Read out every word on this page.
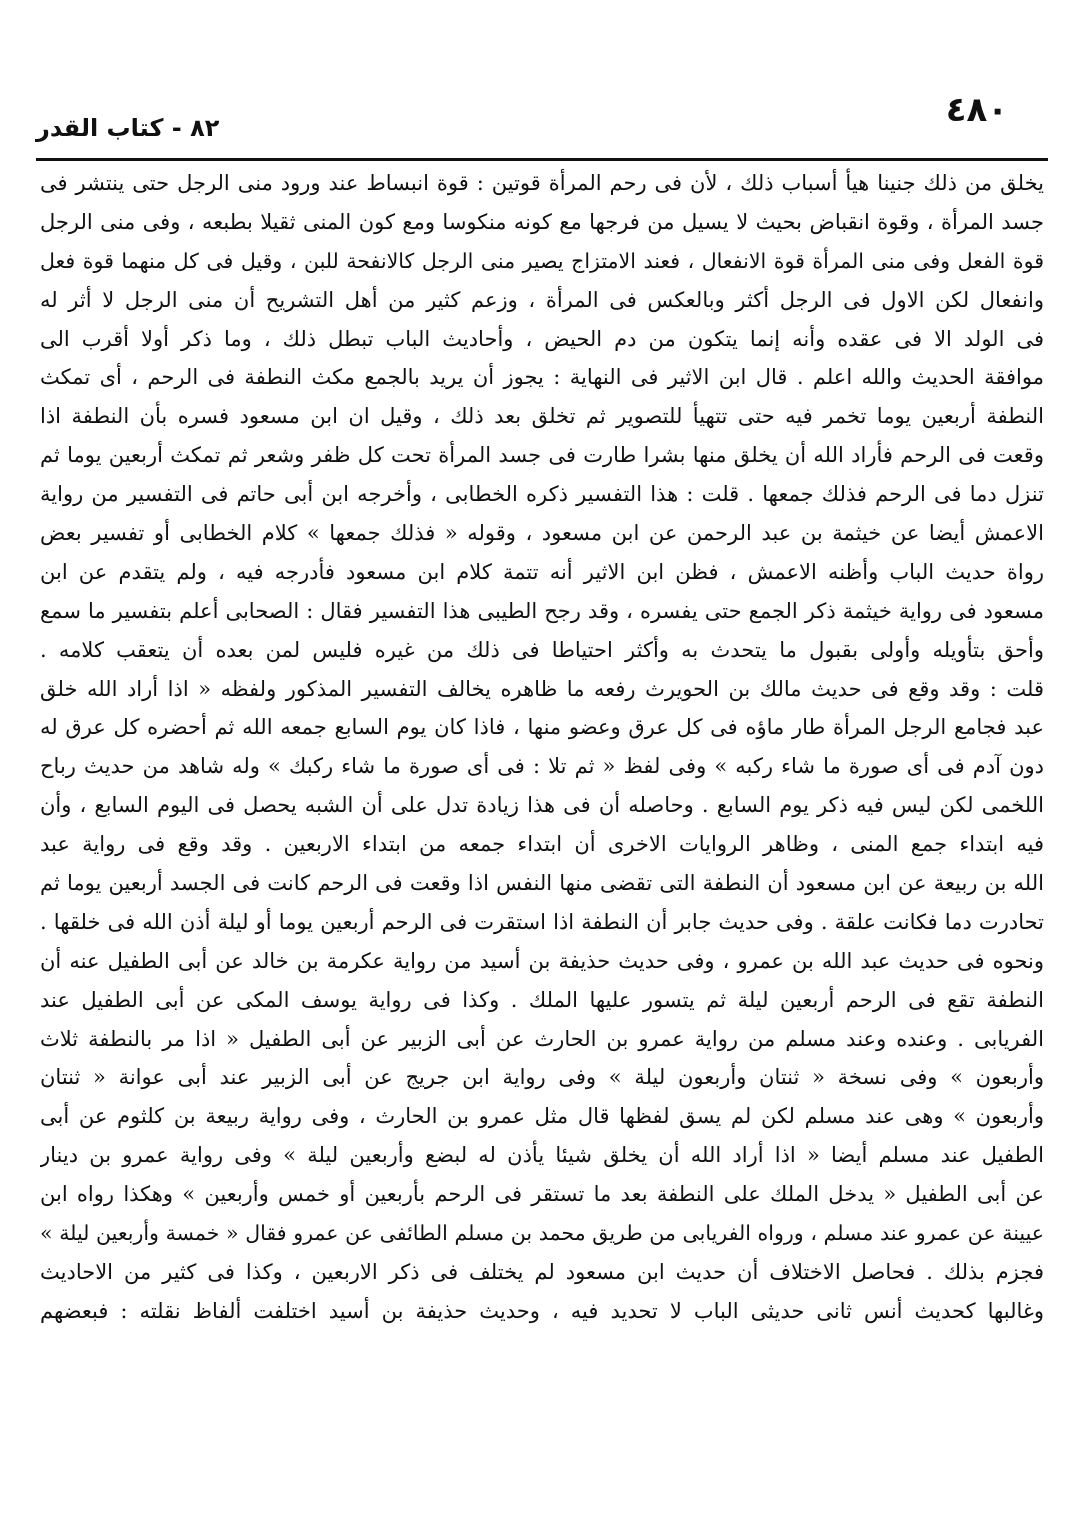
٤٨٠
٨٢ - كتاب القدر
يخلق من ذلك جنينا هيأ أسباب ذلك ، لأن فى رحم المرأة قوتين : قوة انبساط عند ورود منى الرجل حتى ينتشر فى
جسد المرأة ، وقوة انقباض بحيث لا يسيل من فرجها مع كونه منكوسا ومع كون المنى ثقيلا بطبعه ، وفى منى الرجل
قوة الفعل وفى منى المرأة قوة الانفعال ، فعند الامتزاج يصير منى الرجل كالانفحة للبن ، وقيل فى كل منهما قوة فعل
وانفعال لكن الاول فى الرجل أكثر وبالعكس فى المرأة ، وزعم كثير من أهل التشريح أن منى الرجل لا أثر له
فى الولد الا فى عقده وأنه إنما يتكون من دم الحيض ، وأحاديث الباب تبطل ذلك ، وما ذكر أولا أقرب الى
موافقة الحديث والله اعلم . قال ابن الاثير فى النهاية : يجوز أن يريد بالجمع مكث النطفة فى الرحم ، أى تمكث
النطفة أربعين يوما تخمر فيه حتى تتهيأ للتصوير ثم تخلق بعد ذلك ، وقيل ان ابن مسعود فسره بأن النطفة اذا
وقعت فى الرحم فأراد الله أن يخلق منها بشرا طارت فى جسد المرأة تحت كل ظفر وشعر ثم تمكث أربعين يوما ثم
تنزل دما فى الرحم فذلك جمعها . قلت : هذا التفسير ذكره الخطابى ، وأخرجه ابن أبى حاتم فى التفسير من رواية
الاعمش أيضا عن خيثمة بن عبد الرحمن عن ابن مسعود ، وقوله « فذلك جمعها » كلام الخطابى أو تفسير بعض
رواة حديث الباب وأظنه الاعمش ، فظن ابن الاثير أنه تتمة كلام ابن مسعود فأدرجه فيه ، ولم يتقدم عن ابن
مسعود فى رواية خيثمة ذكر الجمع حتى يفسره ، وقد رجح الطيبى هذا التفسير فقال : الصحابى أعلم بتفسير ما سمع
وأحق بتأويله وأولى بقبول ما يتحدث به وأكثر احتياطا فى ذلك من غيره فليس لمن بعده أن يتعقب كلامه .
قلت : وقد وقع فى حديث مالك بن الحويرث رفعه ما ظاهره يخالف التفسير المذكور ولفظه « اذا أراد الله خلق
عبد فجامع الرجل المرأة طار ماؤه فى كل عرق وعضو منها ، فاذا كان يوم السابع جمعه الله ثم أحضره كل عرق له
دون آدم فى أى صورة ما شاء ركبه » وفى لفظ « ثم تلا : فى أى صورة ما شاء ركبك » وله شاهد من حديث رباح
اللخمى لكن ليس فيه ذكر يوم السابع . وحاصله أن فى هذا زيادة تدل على أن الشبه يحصل فى اليوم السابع ، وأن
فيه ابتداء جمع المنى ، وظاهر الروايات الاخرى أن ابتداء جمعه من ابتداء الاربعين . وقد وقع فى رواية عبد
الله بن ربيعة عن ابن مسعود أن النطفة التى تقضى منها النفس اذا وقعت فى الرحم كانت فى الجسد أربعين يوما ثم
تحادرت دما فكانت علقة . وفى حديث جابر أن النطفة اذا استقرت فى الرحم أربعين يوما أو ليلة أذن الله فى خلقها .
ونحوه فى حديث عبد الله بن عمرو ، وفى حديث حذيفة بن أسيد من رواية عكرمة بن خالد عن أبى الطفيل عنه أن
النطفة تقع فى الرحم أربعين ليلة ثم يتسور عليها الملك . وكذا فى رواية يوسف المكى عن أبى الطفيل عند
الفريابى . وعنده وعند مسلم من رواية عمرو بن الحارث عن أبى الزبير عن أبى الطفيل « اذا مر بالنطفة ثلاث
وأربعون » وفى نسخة « ثنتان وأربعون ليلة » وفى رواية ابن جريج عن أبى الزبير عند أبى عوانة « ثنتان
وأربعون » وهى عند مسلم لكن لم يسق لفظها قال مثل عمرو بن الحارث ، وفى رواية ربيعة بن كلثوم عن أبى
الطفيل عند مسلم أيضا « اذا أراد الله أن يخلق شيئا يأذن له لبضع وأربعين ليلة » وفى رواية عمرو بن دينار
عن أبى الطفيل « يدخل الملك على النطفة بعد ما تستقر فى الرحم بأربعين أو خمس وأربعين » وهكذا رواه ابن
عيينة عن عمرو عند مسلم ، ورواه الفريابى من طريق محمد بن مسلم الطائفى عن عمرو فقال « خمسة وأربعين ليلة »
فجزم بذلك . فحاصل الاختلاف أن حديث ابن مسعود لم يختلف فى ذكر الاربعين ، وكذا فى كثير من الاحاديث
وغالبها كحديث أنس ثانى حديثى الباب لا تحديد فيه ، وحديث حذيفة بن أسيد اختلفت ألفاظ نقلته : فبعضهم
